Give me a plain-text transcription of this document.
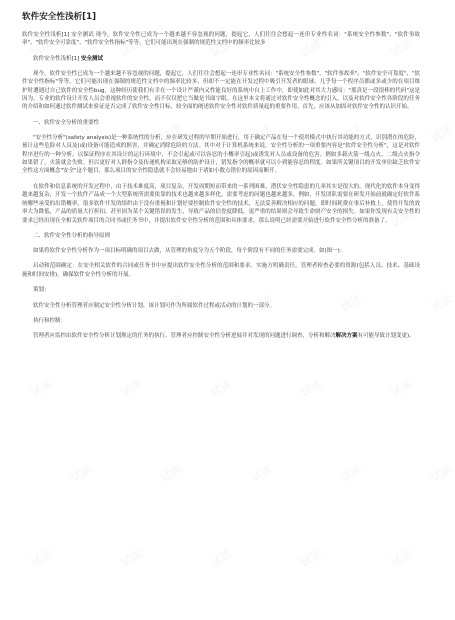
软件安全性浅析[1]

软件安全性浅析[1] 安全测试 现今，软件安全性已成为一个越来越不容忽视的问题，提起它，人们往往会想起一连串专业性名词："系统安全性参数"、"软件事故率"、"软件安全可靠度"、"软件安全性指标"等等，它们可能出现在强制的规范性文档中的频率比较多

软件安全性浅析[1] 安全测试

现今，软件安全性已成为一个越来越不容忽视的问题，提起它，人们往往会想起一连串专业性名词："系统安全性参数"、"软件事故率"、"软件安全可靠度"、"软件安全性指标"等等，它们可能出现在强制的规范性文档中的频率比较多，但却不一定能在开发过程中吸引开发者的眼球。几乎每一个程序员都或多或少的在项目维护时遭遇过自己软件的安全性bug，这种经历使我们有幸在一个设计严谨内又性能良好的系统中自上工作中，即使如此对其大力感叹："那真是一段很棒的代码"这是因为，专业的软件设计开发人员会重视软件的安全性，而不仅仅把它当做是书面字眼。在这里本文将通过对软件安全性概念的引入，以及对软件安全性各阶段的任务的介绍和如何通过软件测试来验证是否完成了软件安全性目标，较全面的阐述软件安全性对软件质量起的重要作用。首先，应该从加固对软件安全性的认识开始。

一、软件安全分析的重要性

"安全性分析"(safety analysis)是一种系统性的分析，应在研发过程的早期开始进行，用于确定产品在每一个使用模式中执行其功能的方式，识别潜在的危险，预计这些危险对人员及(或)设备可能造成的损害，并确定消除危险的方法。其中对于计算机系统来说，安全性分析的一项重要内容是"软件安全性分析"，这是对软件程序进行的一种分析，以保证程序在其设计的运行环境中，不会引起或可以容忍的小概率引起)或诱发对人员或设备的危害。例如多载火箭一级点火、二级点火指令如果错了，火箭就会失败。但以更好对人群指令及传递机构采取足够的防护设计，错发指令的概率就可以小到能容忍的程度。如果所关键项目的开发单位缺乏软件安全性这方面概念"安全"这个题目，那么项目的安全性隐患就不会轻易地由于诸如小数点错位的原因而断开。

在软件和信息系统的开发过程中，由于技术难度高，项目复杂，开发周期短而带来的一系列困难，潜伏安全性隐患的几率其实是很大的。现代化的软件本身变得越来越复杂，开发一个软件产品成一个大型系统所需要依靠的技术也越来越多样化，需要考虑的问题也越来越多，例如，开发团队需要在研发开始前就确定好软件系统哪些承受的出错概率，很多软件开发的组织由于没有重视和计划好要控制软件安全性的技术，无法妥善解决相应的问题，即时间耗费在事后补救上，使得开发的效率大为降低，产品的质量大打折扣，甚至因为某个关键错误的发生，导致产品的信誉度降低，更严重的结果则会导致生命财产安全的损失。如果你发现有关安全性的要求已经出现在全相关软件项目的合同书或任务书中，并提出软件安全性分析的范围和具体要求，那么说明已经需要开始进行软件安全性分析的准备了。

二、软件安全性分析的指导原则

如果将软件安全性分析作为一项目标明确的项目去做，从管理的角度分为五个阶段，每个阶段有不同的任务需要完成。如(图一)：

启动和范围确定：在安全相关软件的合同或任务书中应提出软件安全性分析的范围和要求。实施方明确责任，管理者检查必要的资源(包括人员、技术、基础设施和时间安排)，确保软件安全性分析的开展。

策划：

软件安全性分析管理者应制定安全性分析计划，该计划可作为所属软件过程或活动的计划的一部分。

执行和控制：

管理者应监控由软件安全性分析计划规定的任务的执行。管理者应控制安全性分析进展并对发现的问题进行调查、分析和解决解决方案有可能导致计划变更)。

试读	试读	试读	试读	试读
试读	试读	试读	试读	试读
试读	试读	试读	试读	试读
试读	试读	试读	试读	试读
试读	试读	试读	试读	试读
试读	试读	试读	试读	试读
试读	试读	试读	试读	试读
